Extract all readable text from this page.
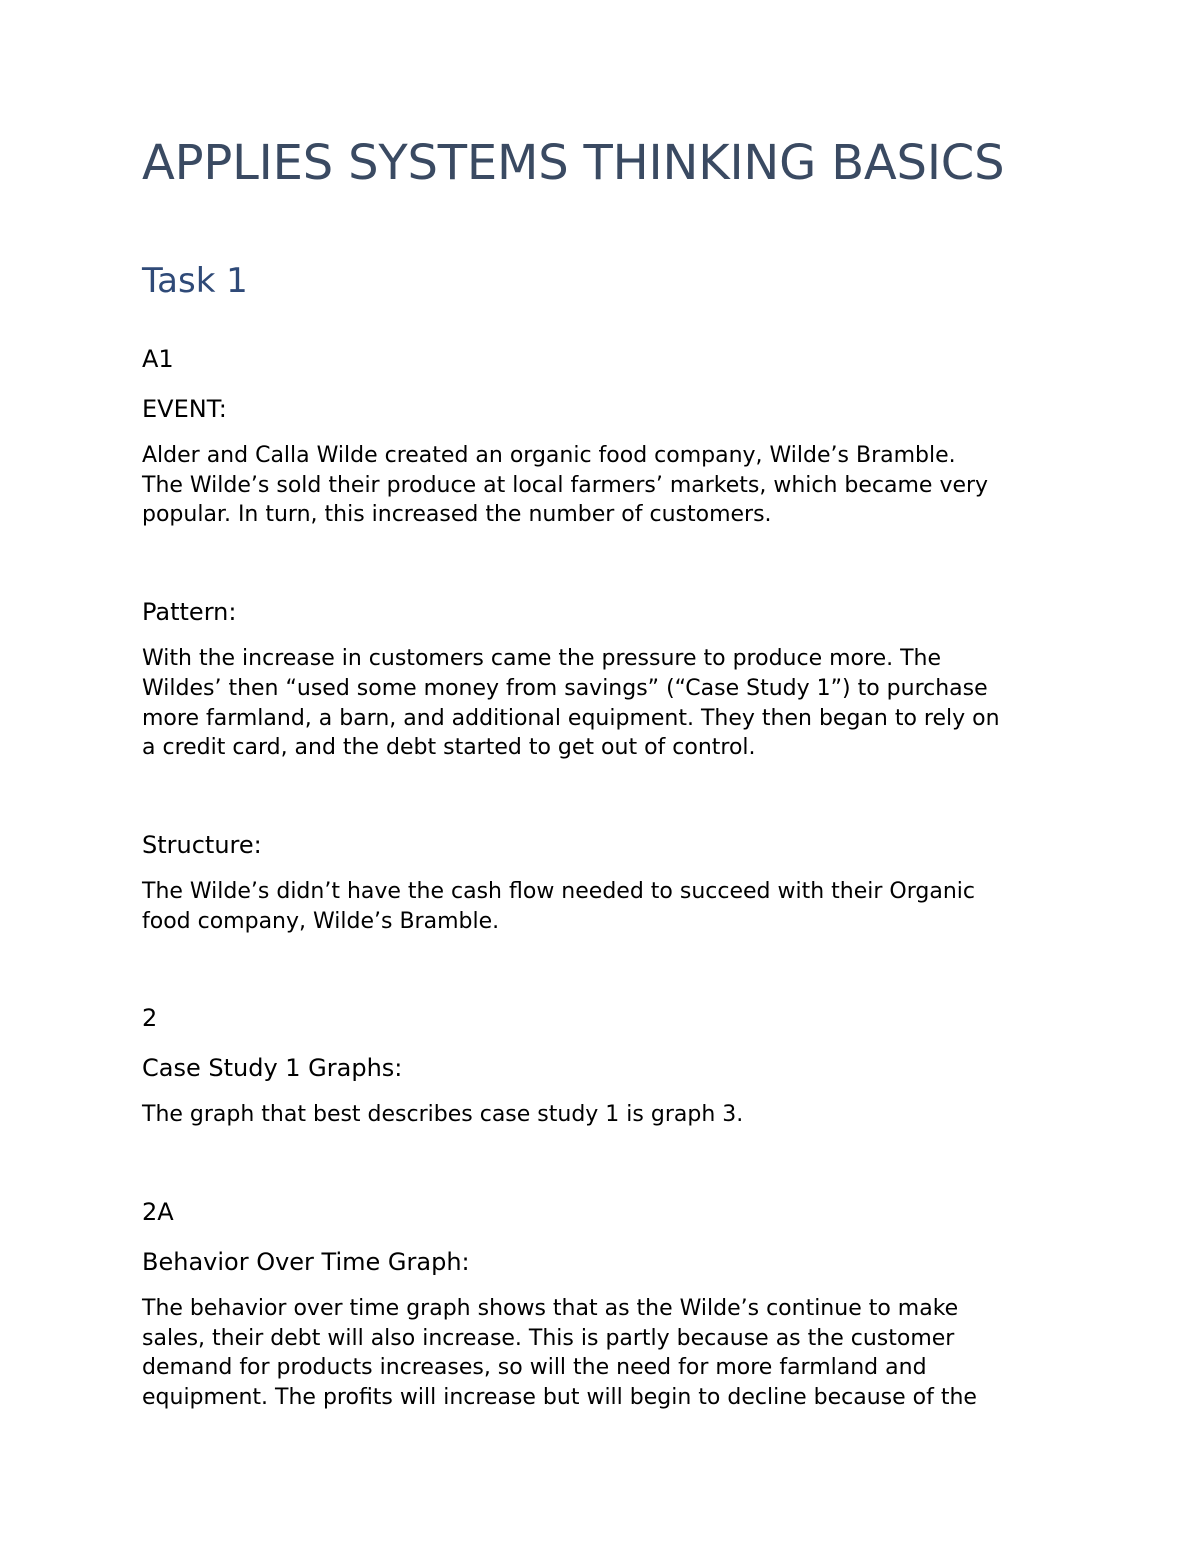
APPLIES SYSTEMS THINKING BASICS
Task 1
A1
EVENT:
Alder and Calla Wilde created an organic food company, Wilde’s Bramble.
The Wilde’s sold their produce at local farmers’ markets, which became very
popular. In turn, this increased the number of customers.
Pattern:
With the increase in customers came the pressure to produce more. The
Wildes’ then “used some money from savings” (“Case Study 1”) to purchase
more farmland, a barn, and additional equipment. They then began to rely on
a credit card, and the debt started to get out of control.
Structure:
The Wilde’s didn’t have the cash flow needed to succeed with their Organic
food company, Wilde’s Bramble.
2
Case Study 1 Graphs:
The graph that best describes case study 1 is graph 3.
2A
Behavior Over Time Graph:
The behavior over time graph shows that as the Wilde’s continue to make
sales, their debt will also increase. This is partly because as the customer
demand for products increases, so will the need for more farmland and
equipment. The profits will increase but will begin to decline because of the
